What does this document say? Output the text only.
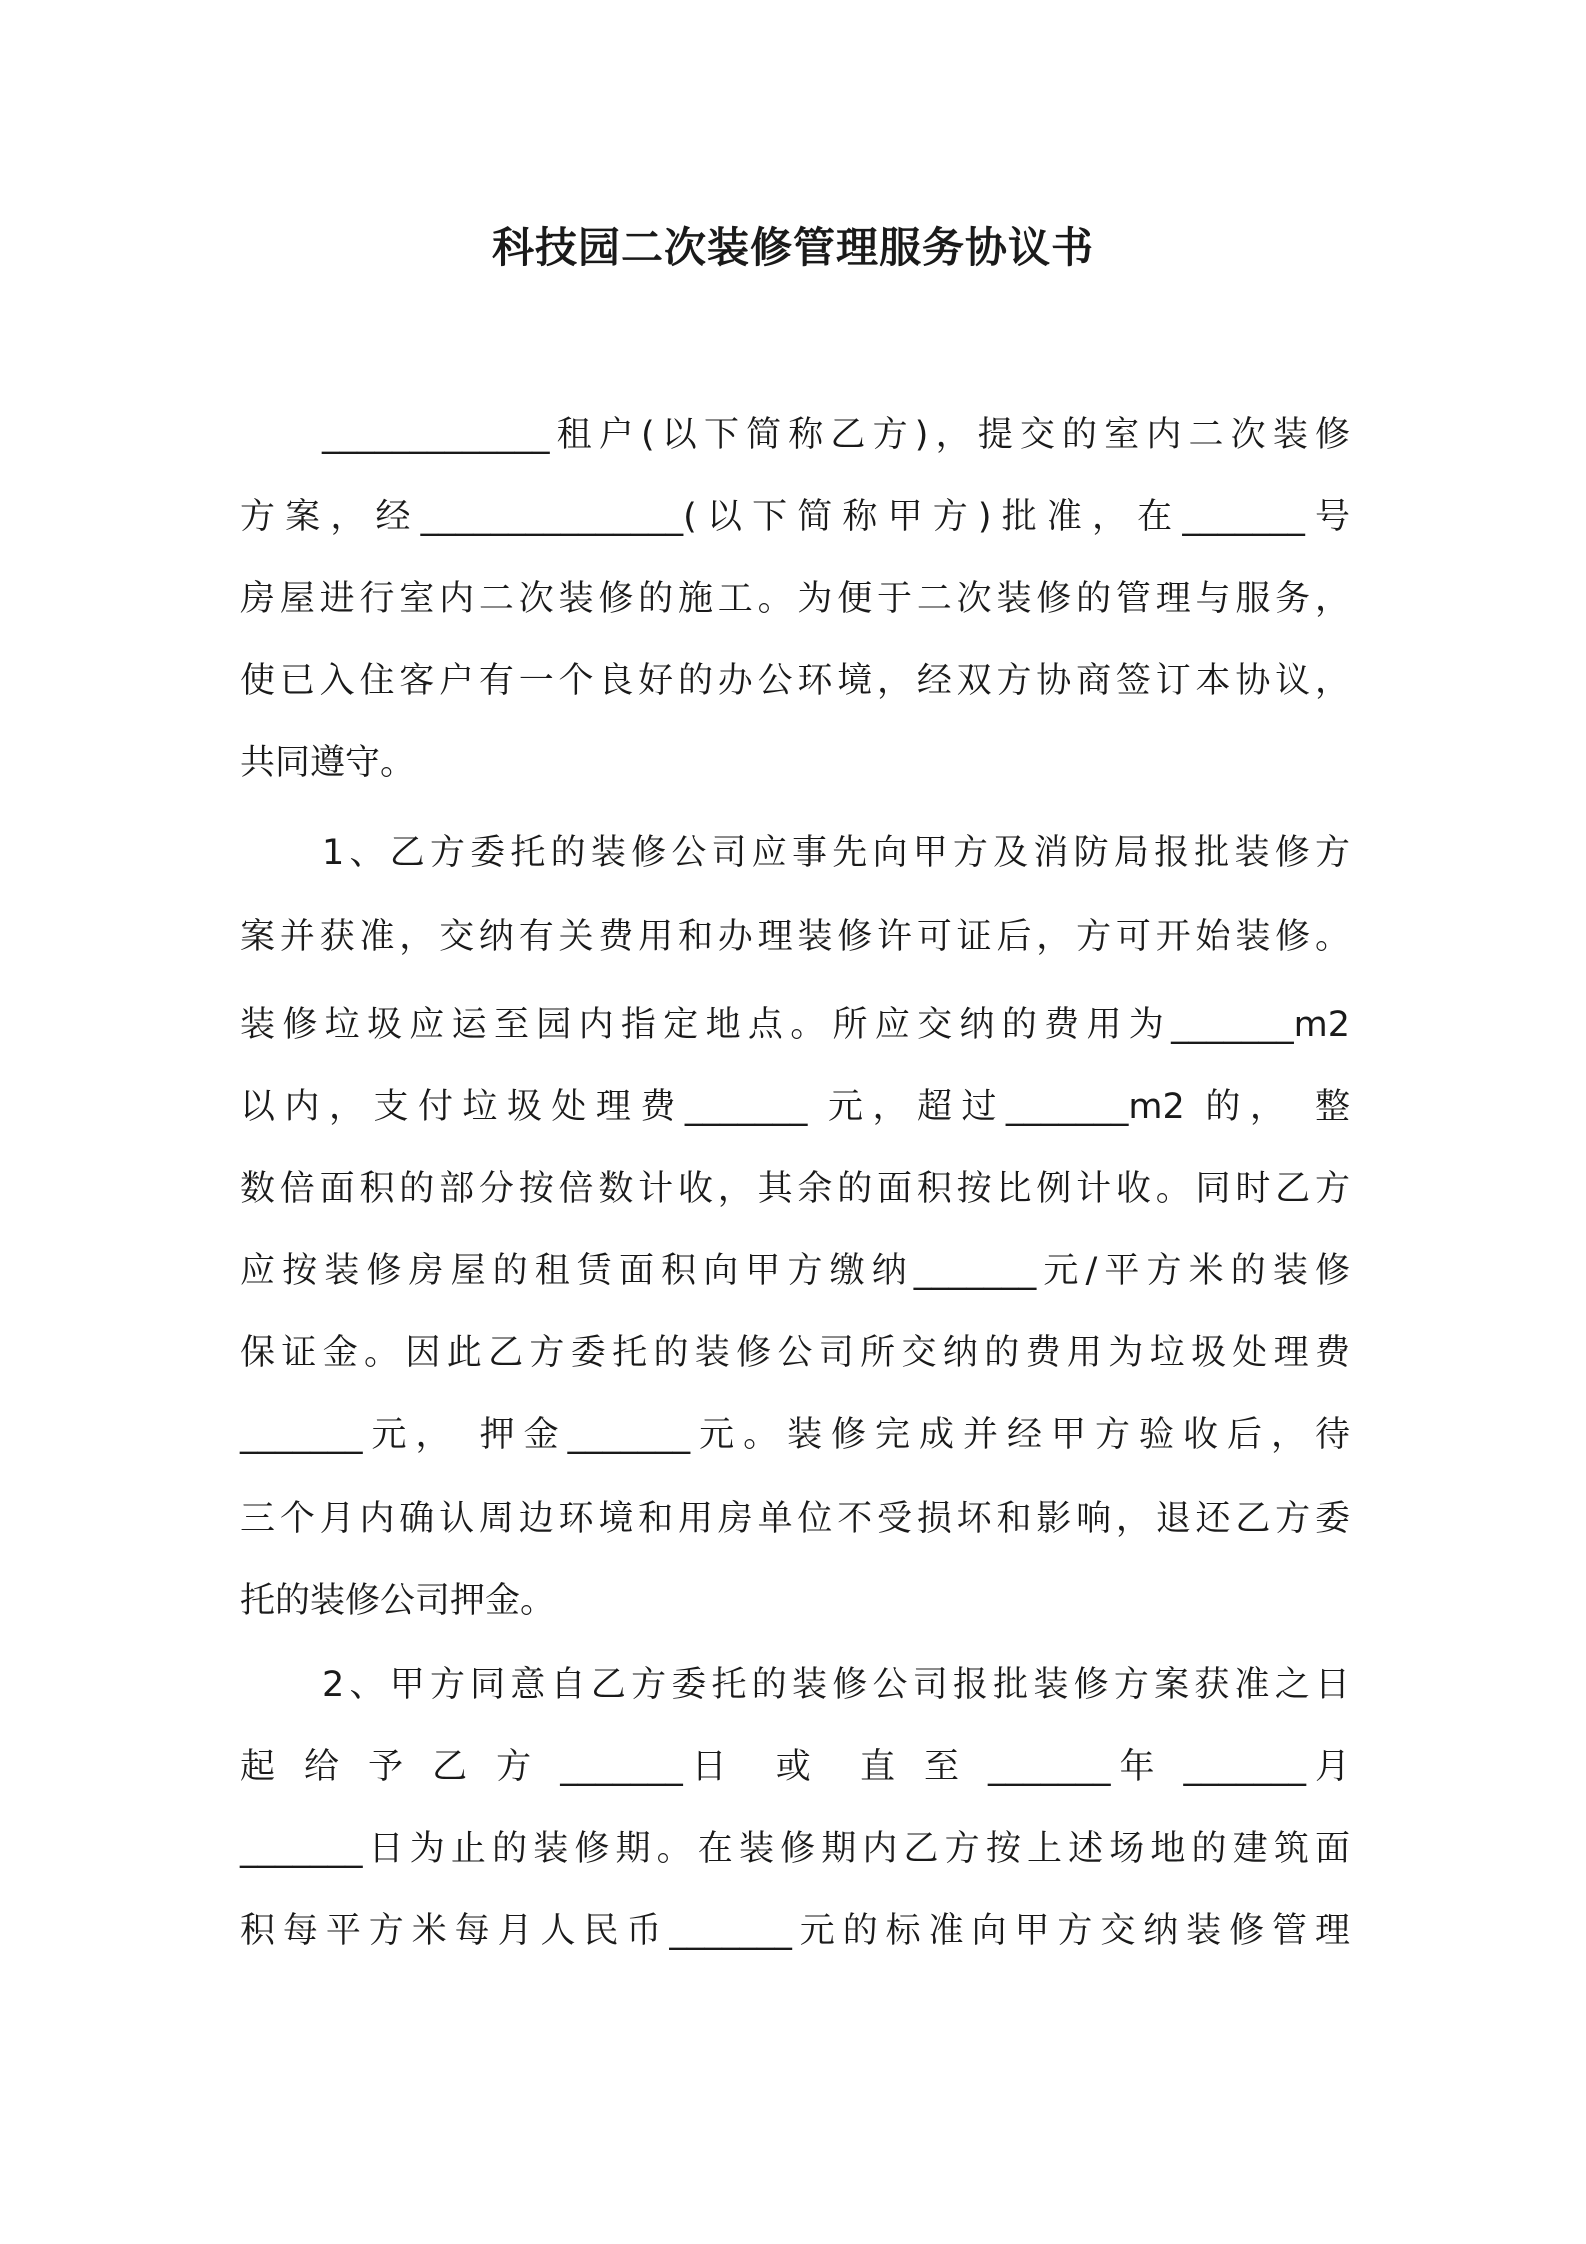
科技园二次装修管理服务协议书
_____________租户(以下简称乙方)，提交的室内二次装修
方案，经_______________(以下简称甲方)批准，在_______号
房屋进行室内二次装修的施工。为便于二次装修的管理与服务，
使已入住客户有一个良好的办公环境，经双方协商签订本协议，
共同遵守。
1、乙方委托的装修公司应事先向甲方及消防局报批装修方
案并获准，交纳有关费用和办理装修许可证后，方可开始装修。
装修垃圾应运至园内指定地点。所应交纳的费用为_______m2
以内，支付垃圾处理费_______ 元，超过_______m2 的， 整
数倍面积的部分按倍数计收，其余的面积按比例计收。同时乙方
应按装修房屋的租赁面积向甲方缴纳_______元/平方米的装修
保证金。因此乙方委托的装修公司所交纳的费用为垃圾处理费
_______元， 押金_______元。装修完成并经甲方验收后，待
三个月内确认周边环境和用房单位不受损坏和影响，退还乙方委
托的装修公司押金。
2、甲方同意自乙方委托的装修公司报批装修方案获准之日
起 给 予 乙 方 _______日  或  直 至 _______年 _______月
_______日为止的装修期。在装修期内乙方按上述场地的建筑面
积每平方米每月人民币_______元的标准向甲方交纳装修管理
